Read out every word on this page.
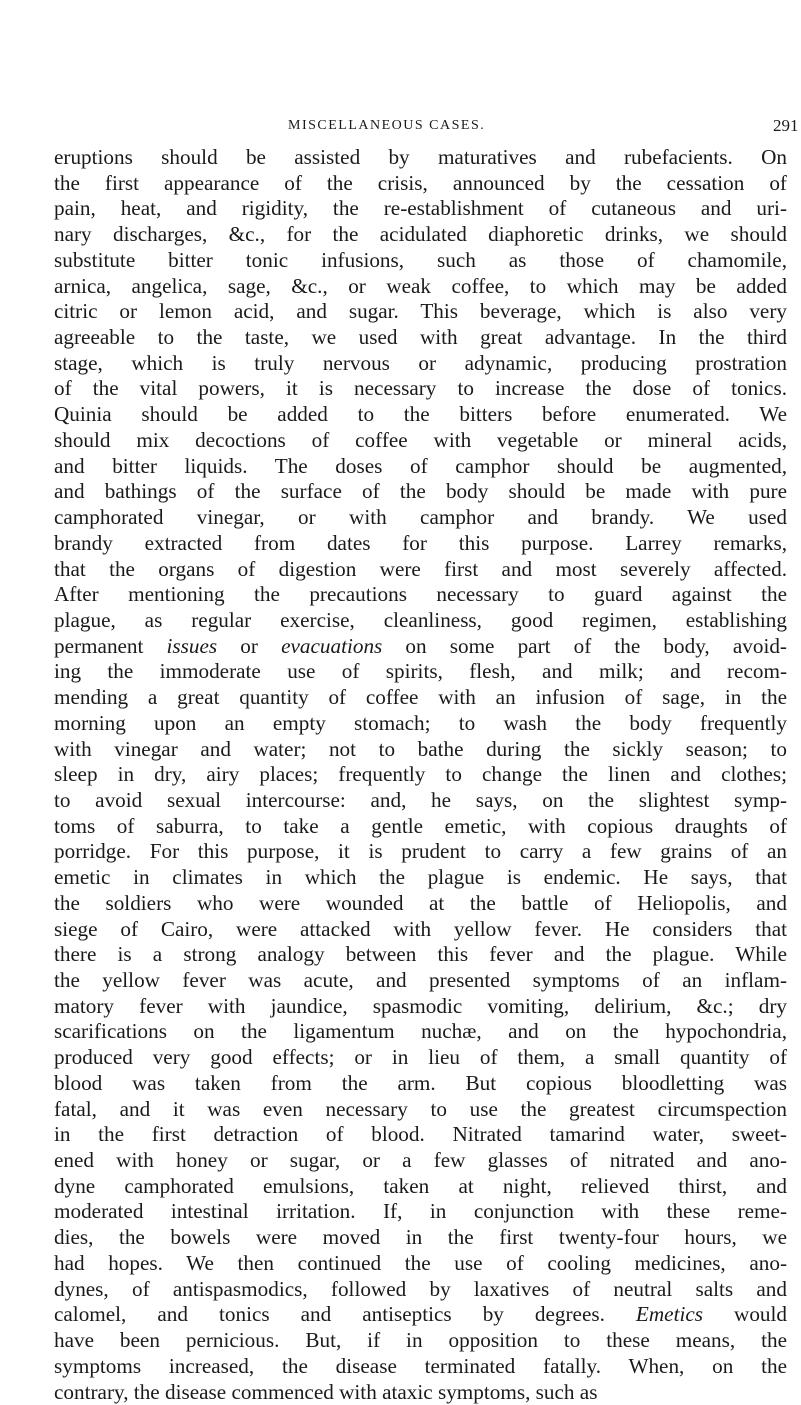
MISCELLANEOUS CASES.	291
eruptions should be assisted by maturatives and rubefacients. On
the first appearance of the crisis, announced by the cessation of
pain, heat, and rigidity, the re-establishment of cutaneous and uri-
nary discharges, &c., for the acidulated diaphoretic drinks, we should
substitute bitter tonic infusions, such as those of chamomile,
arnica, angelica, sage, &c., or weak coffee, to which may be added
citric or lemon acid, and sugar. This beverage, which is also very
agreeable to the taste, we used with great advantage. In the third
stage, which is truly nervous or adynamic, producing prostration
of the vital powers, it is necessary to increase the dose of tonics.
Quinia should be added to the bitters before enumerated. We
should mix decoctions of coffee with vegetable or mineral acids,
and bitter liquids. The doses of camphor should be augmented,
and bathings of the surface of the body should be made with pure
camphorated vinegar, or with camphor and brandy. We used
brandy extracted from dates for this purpose. Larrey remarks,
that the organs of digestion were first and most severely affected.
After mentioning the precautions necessary to guard against the
plague, as regular exercise, cleanliness, good regimen, establishing
permanent issues or evacuations on some part of the body, avoid-
ing the immoderate use of spirits, flesh, and milk; and recom-
mending a great quantity of coffee with an infusion of sage, in the
morning upon an empty stomach; to wash the body frequently
with vinegar and water; not to bathe during the sickly season; to
sleep in dry, airy places; frequently to change the linen and clothes;
to avoid sexual intercourse: and, he says, on the slightest symp-
toms of saburra, to take a gentle emetic, with copious draughts of
porridge. For this purpose, it is prudent to carry a few grains of an
emetic in climates in which the plague is endemic. He says, that
the soldiers who were wounded at the battle of Heliopolis, and
siege of Cairo, were attacked with yellow fever. He considers that
there is a strong analogy between this fever and the plague. While
the yellow fever was acute, and presented symptoms of an inflam-
matory fever with jaundice, spasmodic vomiting, delirium, &c.; dry
scarifications on the ligamentum nuchæ, and on the hypochondria,
produced very good effects; or in lieu of them, a small quantity of
blood was taken from the arm. But copious bloodletting was
fatal, and it was even necessary to use the greatest circumspection
in the first detraction of blood. Nitrated tamarind water, sweet-
ened with honey or sugar, or a few glasses of nitrated and ano-
dyne camphorated emulsions, taken at night, relieved thirst, and
moderated intestinal irritation. If, in conjunction with these reme-
dies, the bowels were moved in the first twenty-four hours, we
had hopes. We then continued the use of cooling medicines, ano-
dynes, of antispasmodics, followed by laxatives of neutral salts and
calomel, and tonics and antiseptics by degrees. Emetics would
have been pernicious. But, if in opposition to these means, the
symptoms increased, the disease terminated fatally. When, on the
contrary, the disease commenced with ataxic symptoms, such as
